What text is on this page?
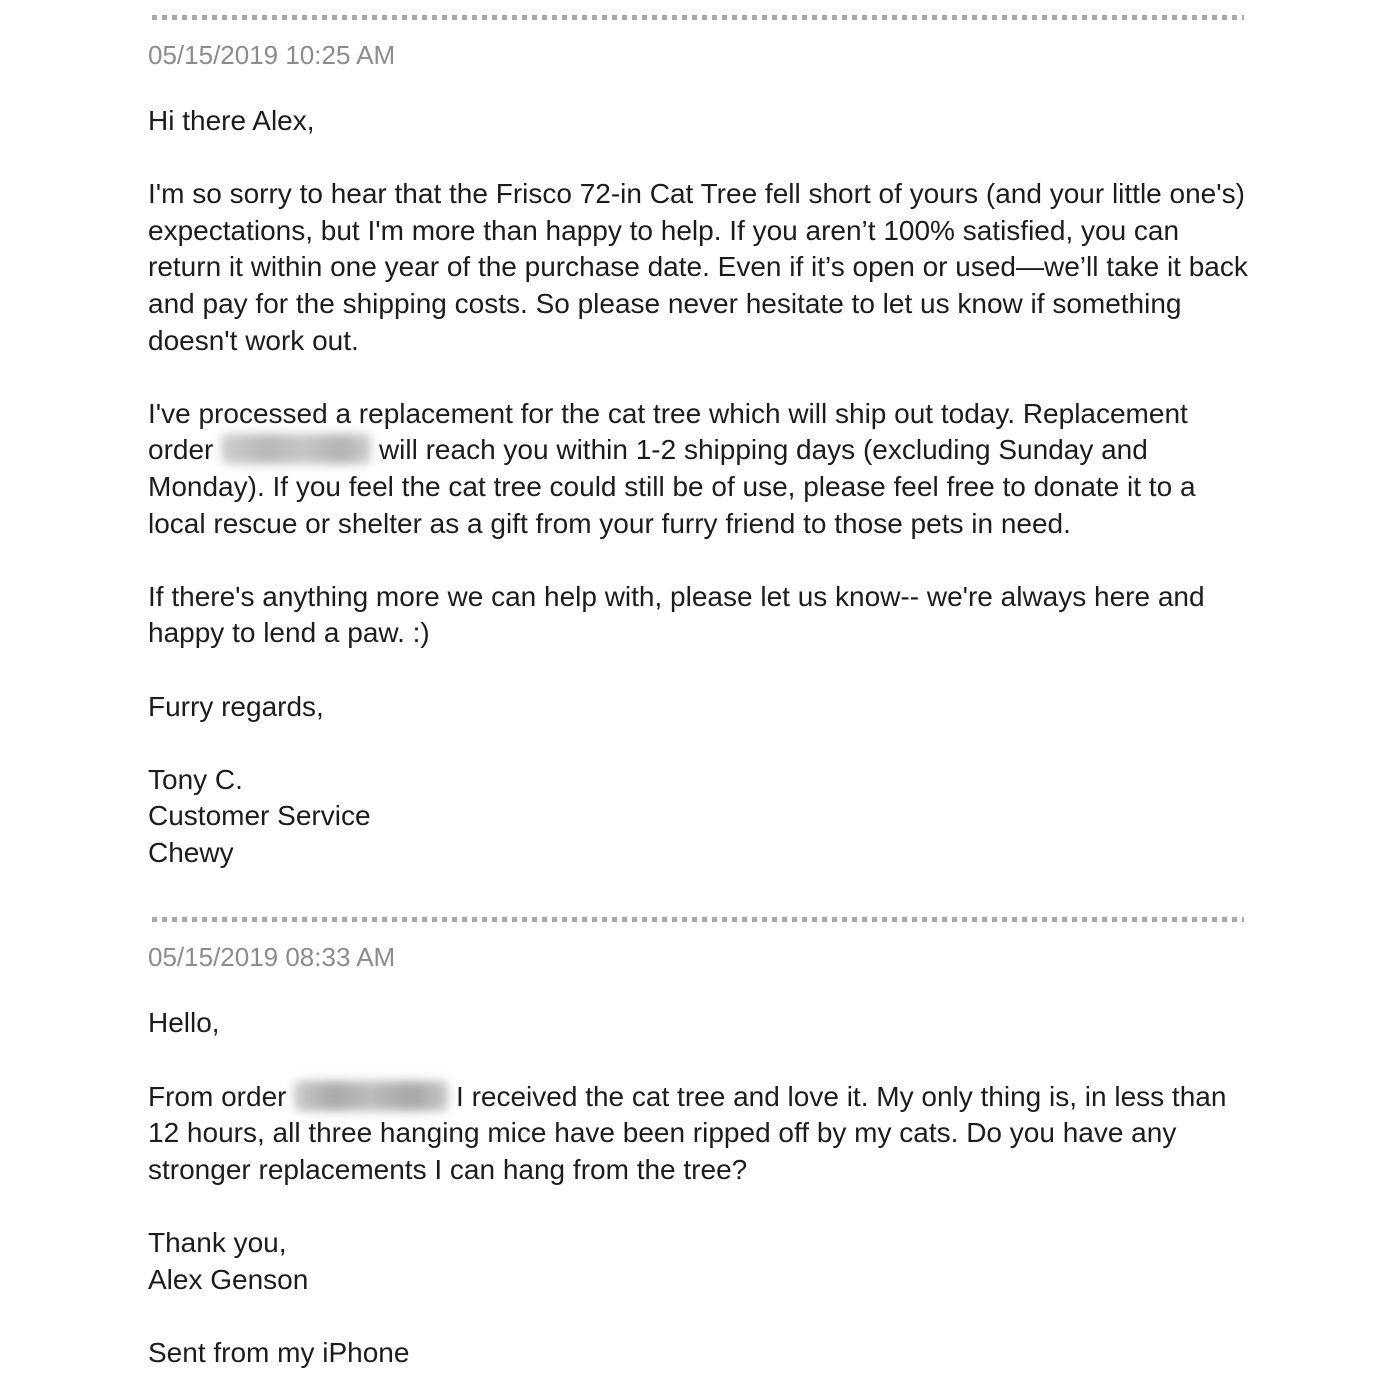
05/15/2019 10:25 AM

Hi there Alex,

I'm so sorry to hear that the Frisco 72-in Cat Tree fell short of yours (and your little one's) expectations, but I'm more than happy to help. If you aren’t 100% satisfied, you can return it within one year of the purchase date. Even if it’s open or used—we’ll take it back and pay for the shipping costs. So please never hesitate to let us know if something doesn't work out.

I've processed a replacement for the cat tree which will ship out today. Replacement order	will reach you within 1-2 shipping days (excluding Sunday and Monday). If you feel the cat tree could still be of use, please feel free to donate it to a local rescue or shelter as a gift from your furry friend to those pets in need.

If there's anything more we can help with, please let us know-- we're always here and happy to lend a paw. :)

Furry regards,

Tony C.
Customer Service
Chewy
05/15/2019 08:33 AM

Hello,

From order	I received the cat tree and love it. My only thing is, in less than 12 hours, all three hanging mice have been ripped off by my cats. Do you have any stronger replacements I can hang from the tree?

Thank you,
Alex Genson

Sent from my iPhone
